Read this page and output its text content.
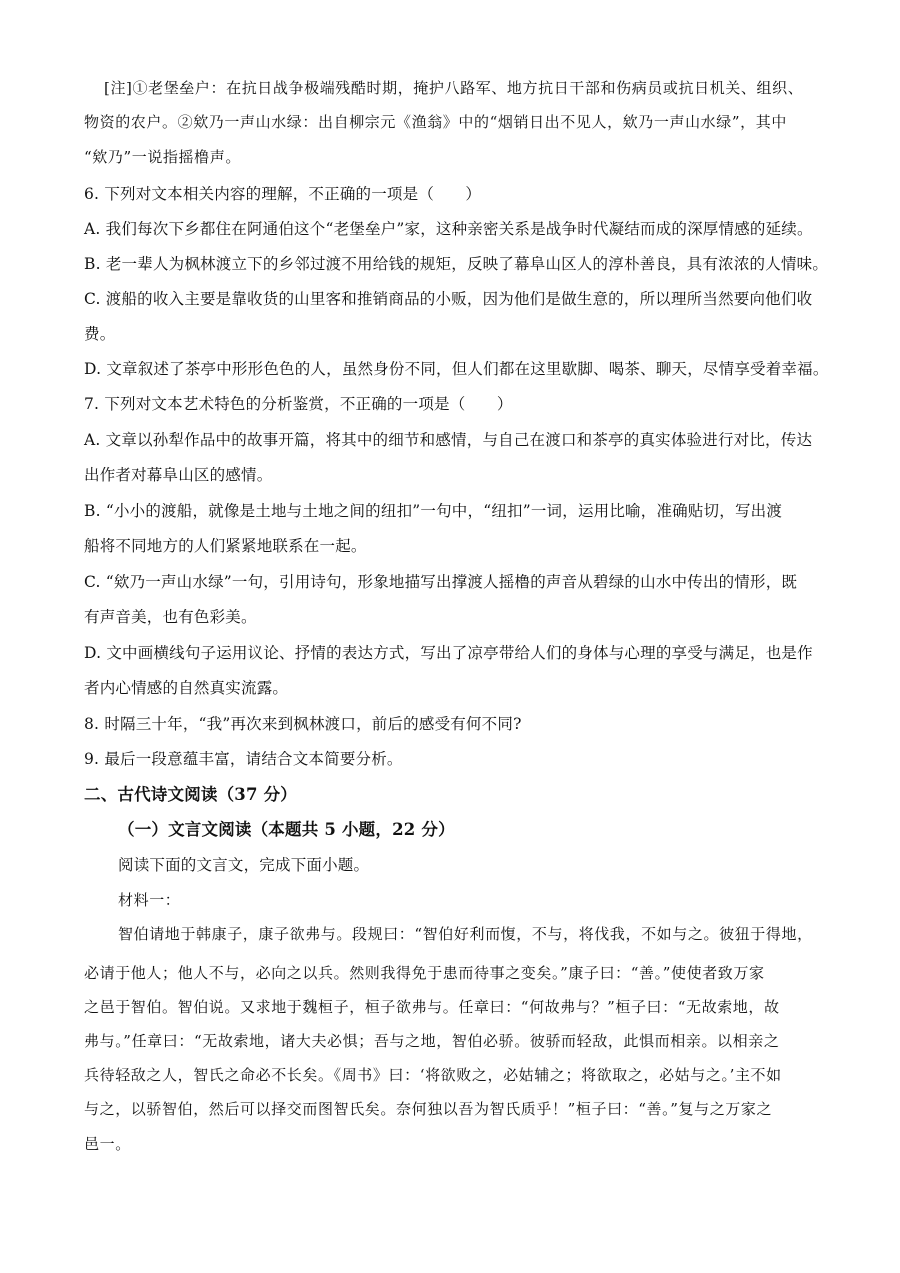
[注]①老堡垒户：在抗日战争极端残酷时期，掩护八路军、地方抗日干部和伤病员或抗日机关、组织、
物资的农户。②欸乃一声山水绿：出自柳宗元《渔翁》中的“烟销日出不见人，欸乃一声山水绿”，其中
“欸乃”一说指摇橹声。
6. 下列对文本相关内容的理解，不正确的一项是（　　）
A. 我们每次下乡都住在阿通伯这个“老堡垒户”家，这种亲密关系是战争时代凝结而成的深厚情感的延续。
B. 老一辈人为枫林渡立下的乡邻过渡不用给钱的规矩，反映了幕阜山区人的淳朴善良，具有浓浓的人情味。
C. 渡船的收入主要是靠收货的山里客和推销商品的小贩，因为他们是做生意的，所以理所当然要向他们收
费。
D. 文章叙述了茶亭中形形色色的人，虽然身份不同，但人们都在这里歇脚、喝茶、聊天，尽情享受着幸福。
7. 下列对文本艺术特色的分析鉴赏，不正确的一项是（　　）
A. 文章以孙犁作品中的故事开篇，将其中的细节和感情，与自己在渡口和茶亭的真实体验进行对比，传达
出作者对幕阜山区的感情。
B. “小小的渡船，就像是土地与土地之间的纽扣”一句中，“纽扣”一词，运用比喻，准确贴切，写出渡
船将不同地方的人们紧紧地联系在一起。
C. “欸乃一声山水绿”一句，引用诗句，形象地描写出撑渡人摇橹的声音从碧绿的山水中传出的情形，既
有声音美，也有色彩美。
D. 文中画横线句子运用议论、抒情的表达方式，写出了凉亭带给人们的身体与心理的享受与满足，也是作
者内心情感的自然真实流露。
8. 时隔三十年，“我”再次来到枫林渡口，前后的感受有何不同?
9. 最后一段意蕴丰富，请结合文本简要分析。
二、古代诗文阅读（37 分）
（一）文言文阅读（本题共 5 小题，22 分）
阅读下面的文言文，完成下面小题。
材料一：
智伯请地于韩康子，康子欲弗与。段规曰：“智伯好利而愎，不与，将伐我，不如与之。彼狃于得地，
必请于他人；他人不与，必向之以兵。然则我得免于患而待事之变矣。”康子曰：“善。”使使者致万家
之邑于智伯。智伯说。又求地于魏桓子，桓子欲弗与。任章曰：“何故弗与？”桓子曰：“无故索地，故
弗与。”任章曰：“无故索地，诸大夫必惧；吾与之地，智伯必骄。彼骄而轻敌，此惧而相亲。以相亲之
兵待轻敌之人，智氏之命必不长矣。《周书》曰：‘将欲败之，必姑辅之；将欲取之，必姑与之。’主不如
与之，以骄智伯，然后可以择交而图智氏矣。奈何独以吾为智氏质乎！”桓子曰：“善。”复与之万家之
邑一。
